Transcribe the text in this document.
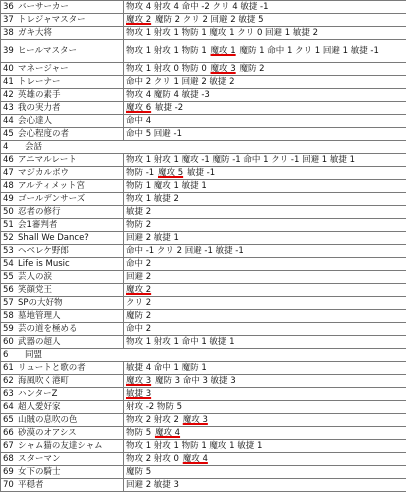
36 バーサーカー	物攻 4 射攻 4 命中 -2 クリ 4 敏捷 -1
37 トレジャマスター	魔攻 2 魔防 2 クリ 2 回避 2 敏捷 5
38 ガキ大将	物攻 1 射攻 1 物防 1 魔攻 1 クリ 0 回避 1 敏捷 2
39 ヒールマスター	物攻 1 射攻 1 物防 1 魔攻 1 魔防 1 命中 1 クリ 1 回避 1 敏捷 -1
40 マネージャー	物攻 1 射攻 0 物防 0 魔攻 3 魔防 2
41 トレーナー	命中 2 クリ 1 回避 2 敏捷 2
42 英雄の素手	物攻 4 魔防 4 敏捷 -3
43 我の実力者	魔攻 6 敏捷 -2
44 会心達人	命中 4
45 会心程度の者	命中 5 回避 -1
4 会話	
46 アニマルレート	物攻 1 射攻 1 魔攻 -1 魔防 -1 命中 1 クリ -1 回避 1 敏捷 1
47 マジカルボウ	物防 -1 魔攻 5 敏捷 -1
48 アルティメット宮	物防 1 魔攻 1 敏捷 1
49 ゴールデンサーズ	物攻 1 敏捷 2
50 忍者の修行	敏捷 2
51 会1審判者	物防 2
52 Shall We Dance?	回避 2 敏捷 1
53 ヘベレケ野郎	命中 -1 クリ 2 回避 -1 敏捷 -1
54 Life is Music	命中 2
55 芸人の涙	回避 2
56 笑顔党王	魔攻 2
57 SPの大好物	クリ 2
58 墓地管理人	魔防 2
59 芸の道を極める	命中 2
60 武器の超人	物攻 1 射攻 1 命中 1 敏捷 1
6 同盟	
61 リュートと歌の者	敏捷 4 命中 1 魔防 1
62 海風吹く港町	魔攻 3 魔防 3 命中 3 敏捷 3
63 ハンターZ	敏捷 3
64 超人愛好家	射攻 -2 物防 5
65 山賊の息吹の色	物攻 2 射攻 2 魔攻 3
66 砂漠のオアシス	物防 5 魔攻 4
67 シャム猫の友達シャム	物攻 1 射攻 1 物防 1 魔攻 1 敏捷 1
68 スターマン	物攻 2 射攻 0 魔攻 4
69 女下の騎士	魔防 5
70 平穏者	回避 2 敏捷 3
